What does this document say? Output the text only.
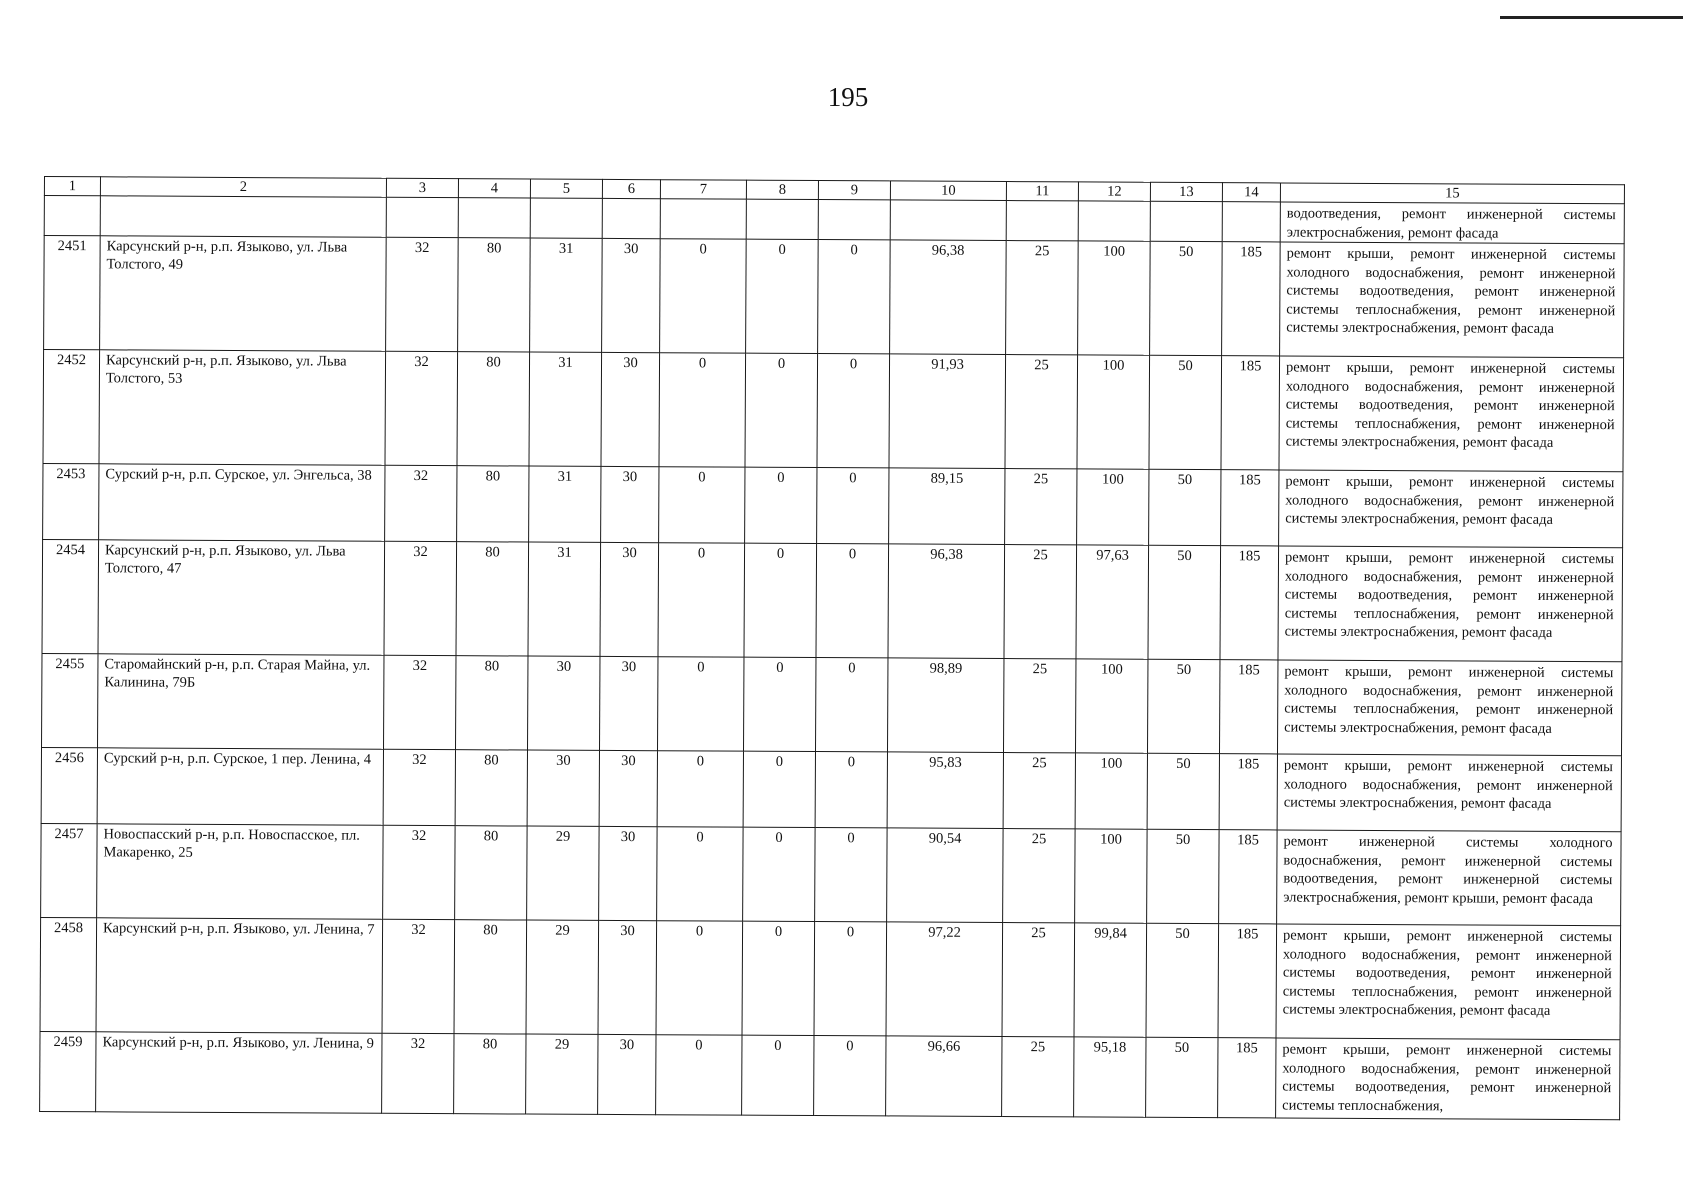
195
1	2	3	4	5	6	7	8	9	10	11	12	13	14	15
														водоотведения, ремонт инженерной системы электроснабжения, ремонт фасада
2451	Карсунский р-н, р.п. Языково, ул. Льва Толстого, 49	32	80	31	30	0	0	0	96,38	25	100	50	185	ремонт крыши, ремонт инженерной системы холодного водоснабжения, ремонт инженерной системы водоотведения, ремонт инженерной системы теплоснабжения, ремонт инженерной системы электроснабжения, ремонт фасада
2452	Карсунский р-н, р.п. Языково, ул. Льва Толстого, 53	32	80	31	30	0	0	0	91,93	25	100	50	185	ремонт крыши, ремонт инженерной системы холодного водоснабжения, ремонт инженерной системы водоотведения, ремонт инженерной системы теплоснабжения, ремонт инженерной системы электроснабжения, ремонт фасада
2453	Сурский р-н, р.п. Сурское, ул. Энгельса, 38	32	80	31	30	0	0	0	89,15	25	100	50	185	ремонт крыши, ремонт инженерной системы холодного водоснабжения, ремонт инженерной системы электроснабжения, ремонт фасада
2454	Карсунский р-н, р.п. Языково, ул. Льва Толстого, 47	32	80	31	30	0	0	0	96,38	25	97,63	50	185	ремонт крыши, ремонт инженерной системы холодного водоснабжения, ремонт инженерной системы водоотведения, ремонт инженерной системы теплоснабжения, ремонт инженерной системы электроснабжения, ремонт фасада
2455	Старомайнский р-н, р.п. Старая Майна, ул. Калинина, 79Б	32	80	30	30	0	0	0	98,89	25	100	50	185	ремонт крыши, ремонт инженерной системы холодного водоснабжения, ремонт инженерной системы теплоснабжения, ремонт инженерной системы электроснабжения, ремонт фасада
2456	Сурский р-н, р.п. Сурское, 1 пер. Ленина, 4	32	80	30	30	0	0	0	95,83	25	100	50	185	ремонт крыши, ремонт инженерной системы холодного водоснабжения, ремонт инженерной системы электроснабжения, ремонт фасада
2457	Новоспасский р-н, р.п. Новоспасское, пл. Макаренко, 25	32	80	29	30	0	0	0	90,54	25	100	50	185	ремонт инженерной системы холодного водоснабжения, ремонт инженерной системы водоотведения, ремонт инженерной системы электроснабжения, ремонт крыши, ремонт фасада
2458	Карсунский р-н, р.п. Языково, ул. Ленина, 7	32	80	29	30	0	0	0	97,22	25	99,84	50	185	ремонт крыши, ремонт инженерной системы холодного водоснабжения, ремонт инженерной системы водоотведения, ремонт инженерной системы теплоснабжения, ремонт инженерной системы электроснабжения, ремонт фасада
2459	Карсунский р-н, р.п. Языково, ул. Ленина, 9	32	80	29	30	0	0	0	96,66	25	95,18	50	185	ремонт крыши, ремонт инженерной системы холодного водоснабжения, ремонт инженерной системы водоотведения, ремонт инженерной системы теплоснабжения,
